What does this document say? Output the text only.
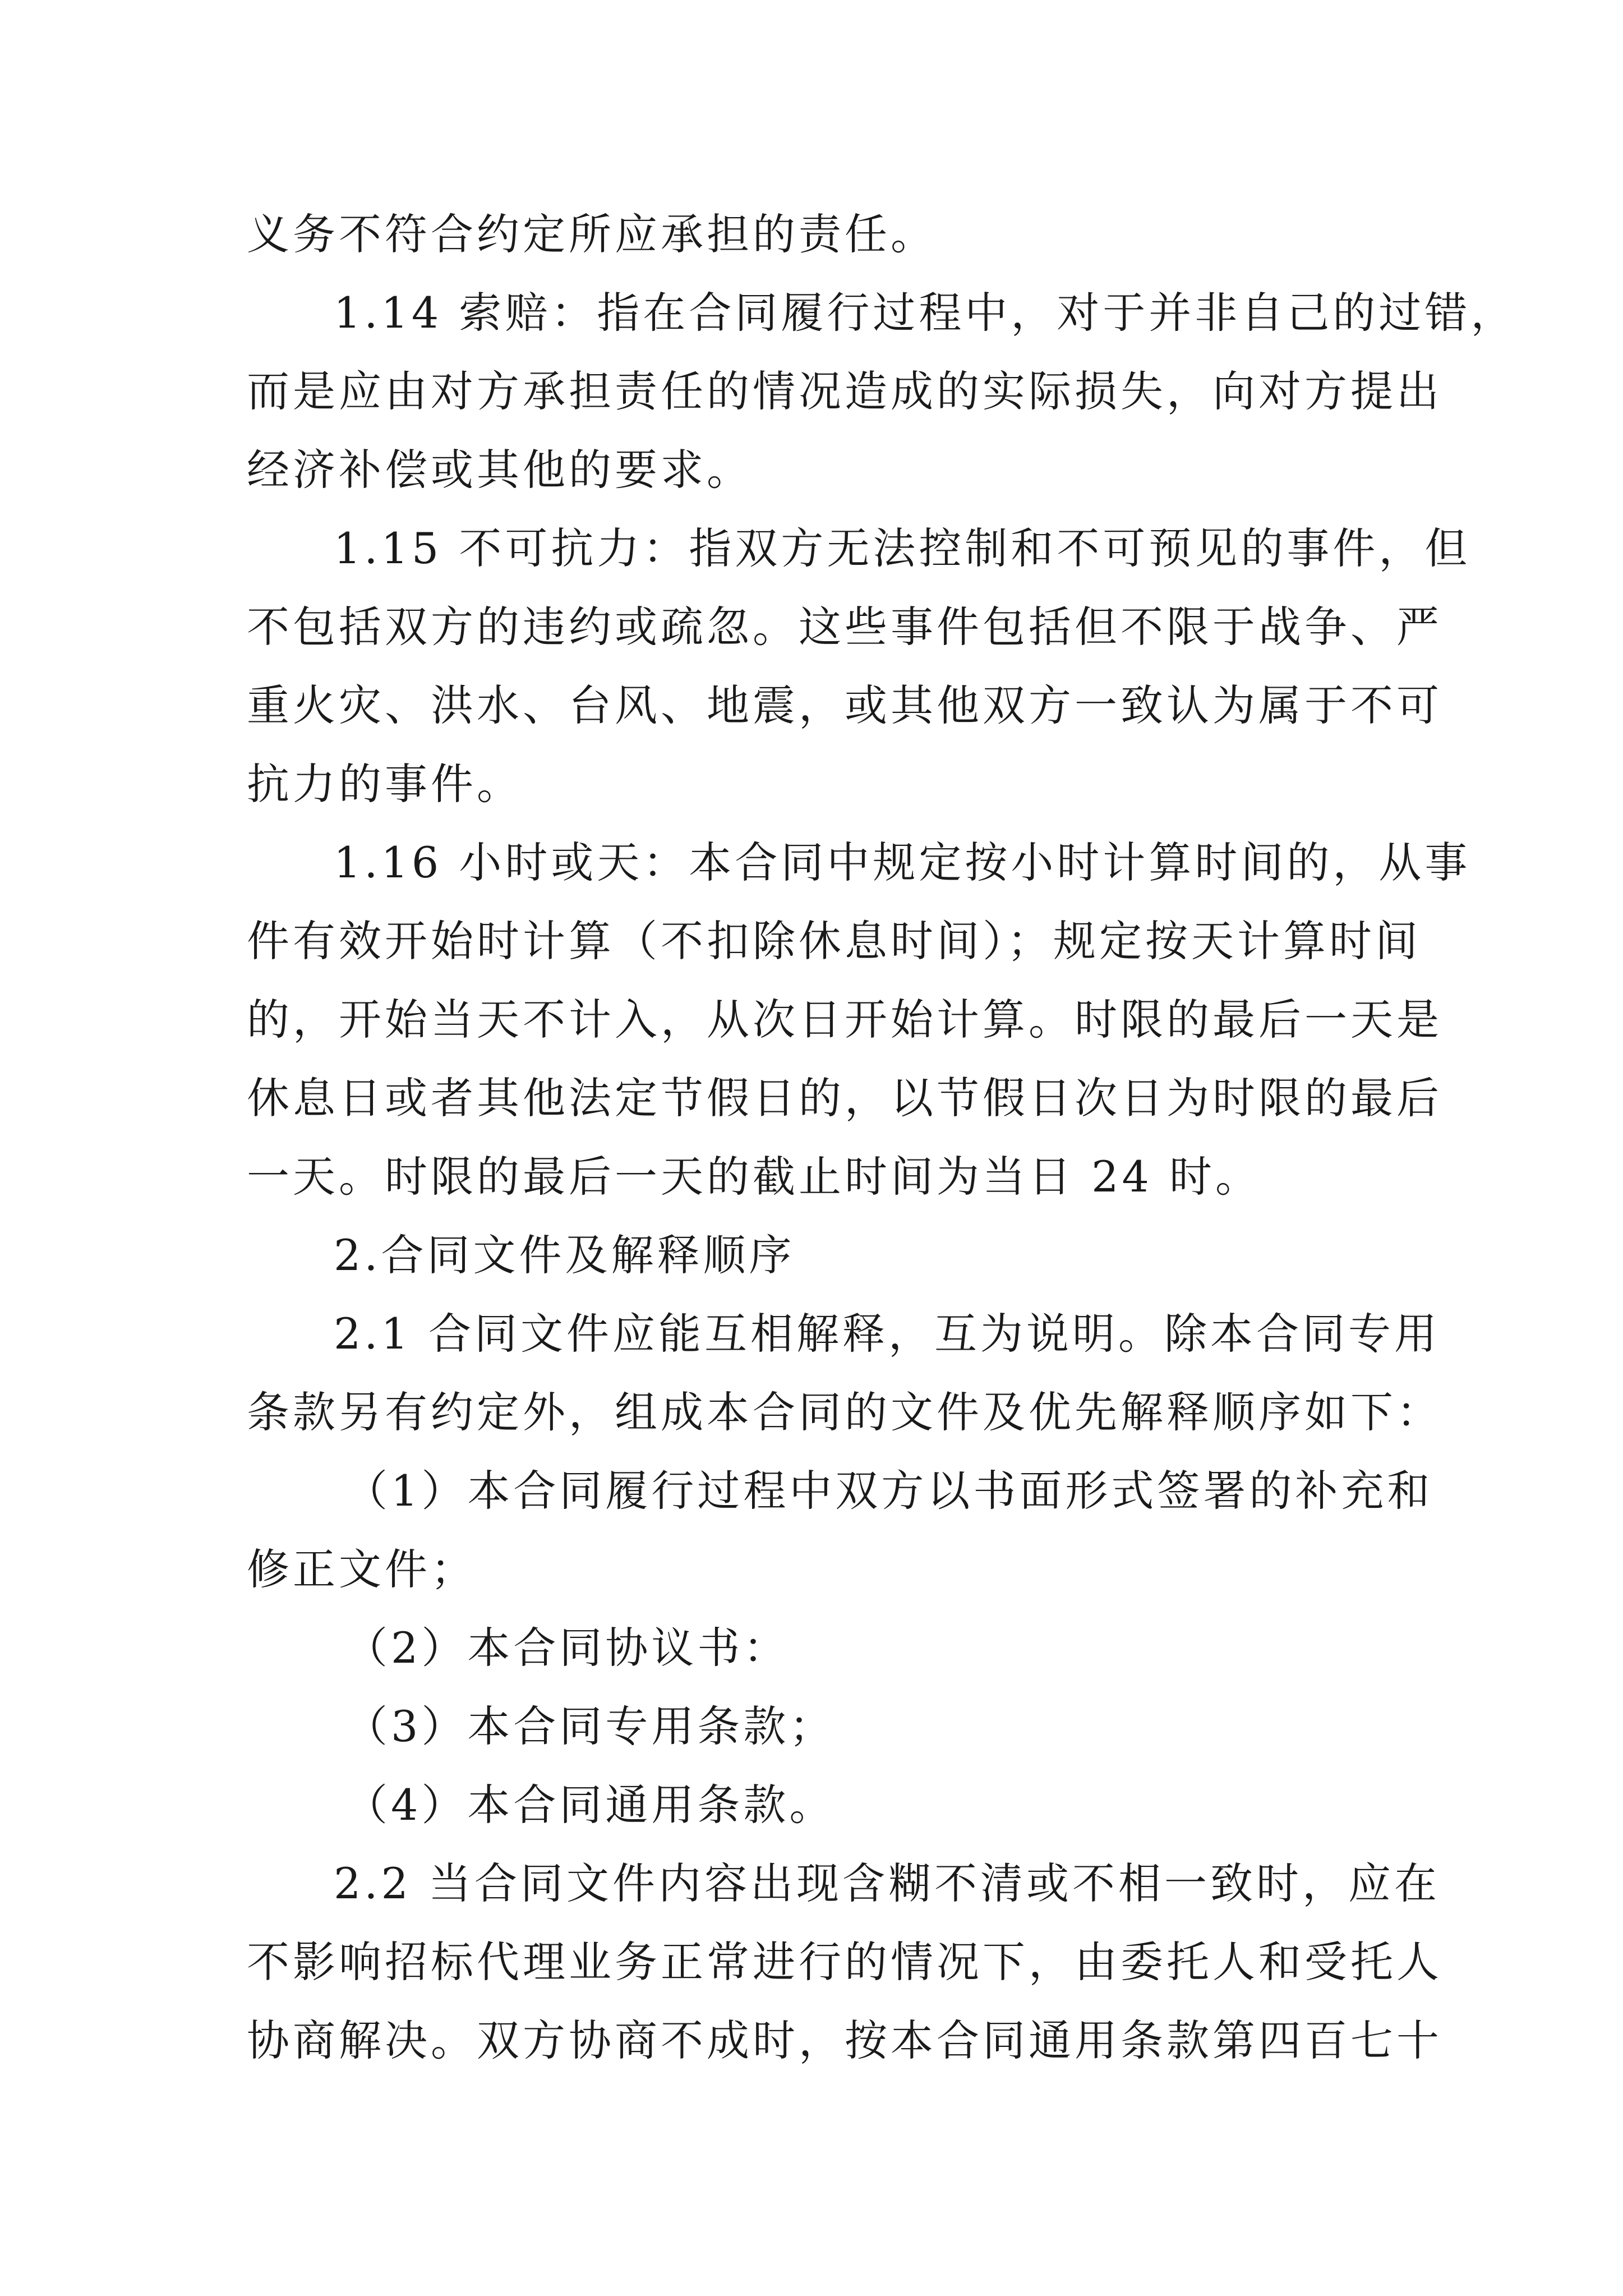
义务不符合约定所应承担的责任。
1.14 索赔：指在合同履行过程中，对于并非自己的过错，
而是应由对方承担责任的情况造成的实际损失，向对方提出
经济补偿或其他的要求。
1.15 不可抗力：指双方无法控制和不可预见的事件，但
不包括双方的违约或疏忽。这些事件包括但不限于战争、严
重火灾、洪水、台风、地震，或其他双方一致认为属于不可
抗力的事件。
1.16 小时或天：本合同中规定按小时计算时间的，从事
件有效开始时计算（不扣除休息时间）；规定按天计算时间
的，开始当天不计入，从次日开始计算。时限的最后一天是
休息日或者其他法定节假日的，以节假日次日为时限的最后
一天。时限的最后一天的截止时间为当日 24 时。
2.合同文件及解释顺序
2.1 合同文件应能互相解释，互为说明。除本合同专用
条款另有约定外，组成本合同的文件及优先解释顺序如下：
（1）本合同履行过程中双方以书面形式签署的补充和
修正文件；
（2）本合同协议书：
（3）本合同专用条款；
（4）本合同通用条款。
2.2 当合同文件内容出现含糊不清或不相一致时，应在
不影响招标代理业务正常进行的情况下，由委托人和受托人
协商解决。双方协商不成时，按本合同通用条款第四百七十
